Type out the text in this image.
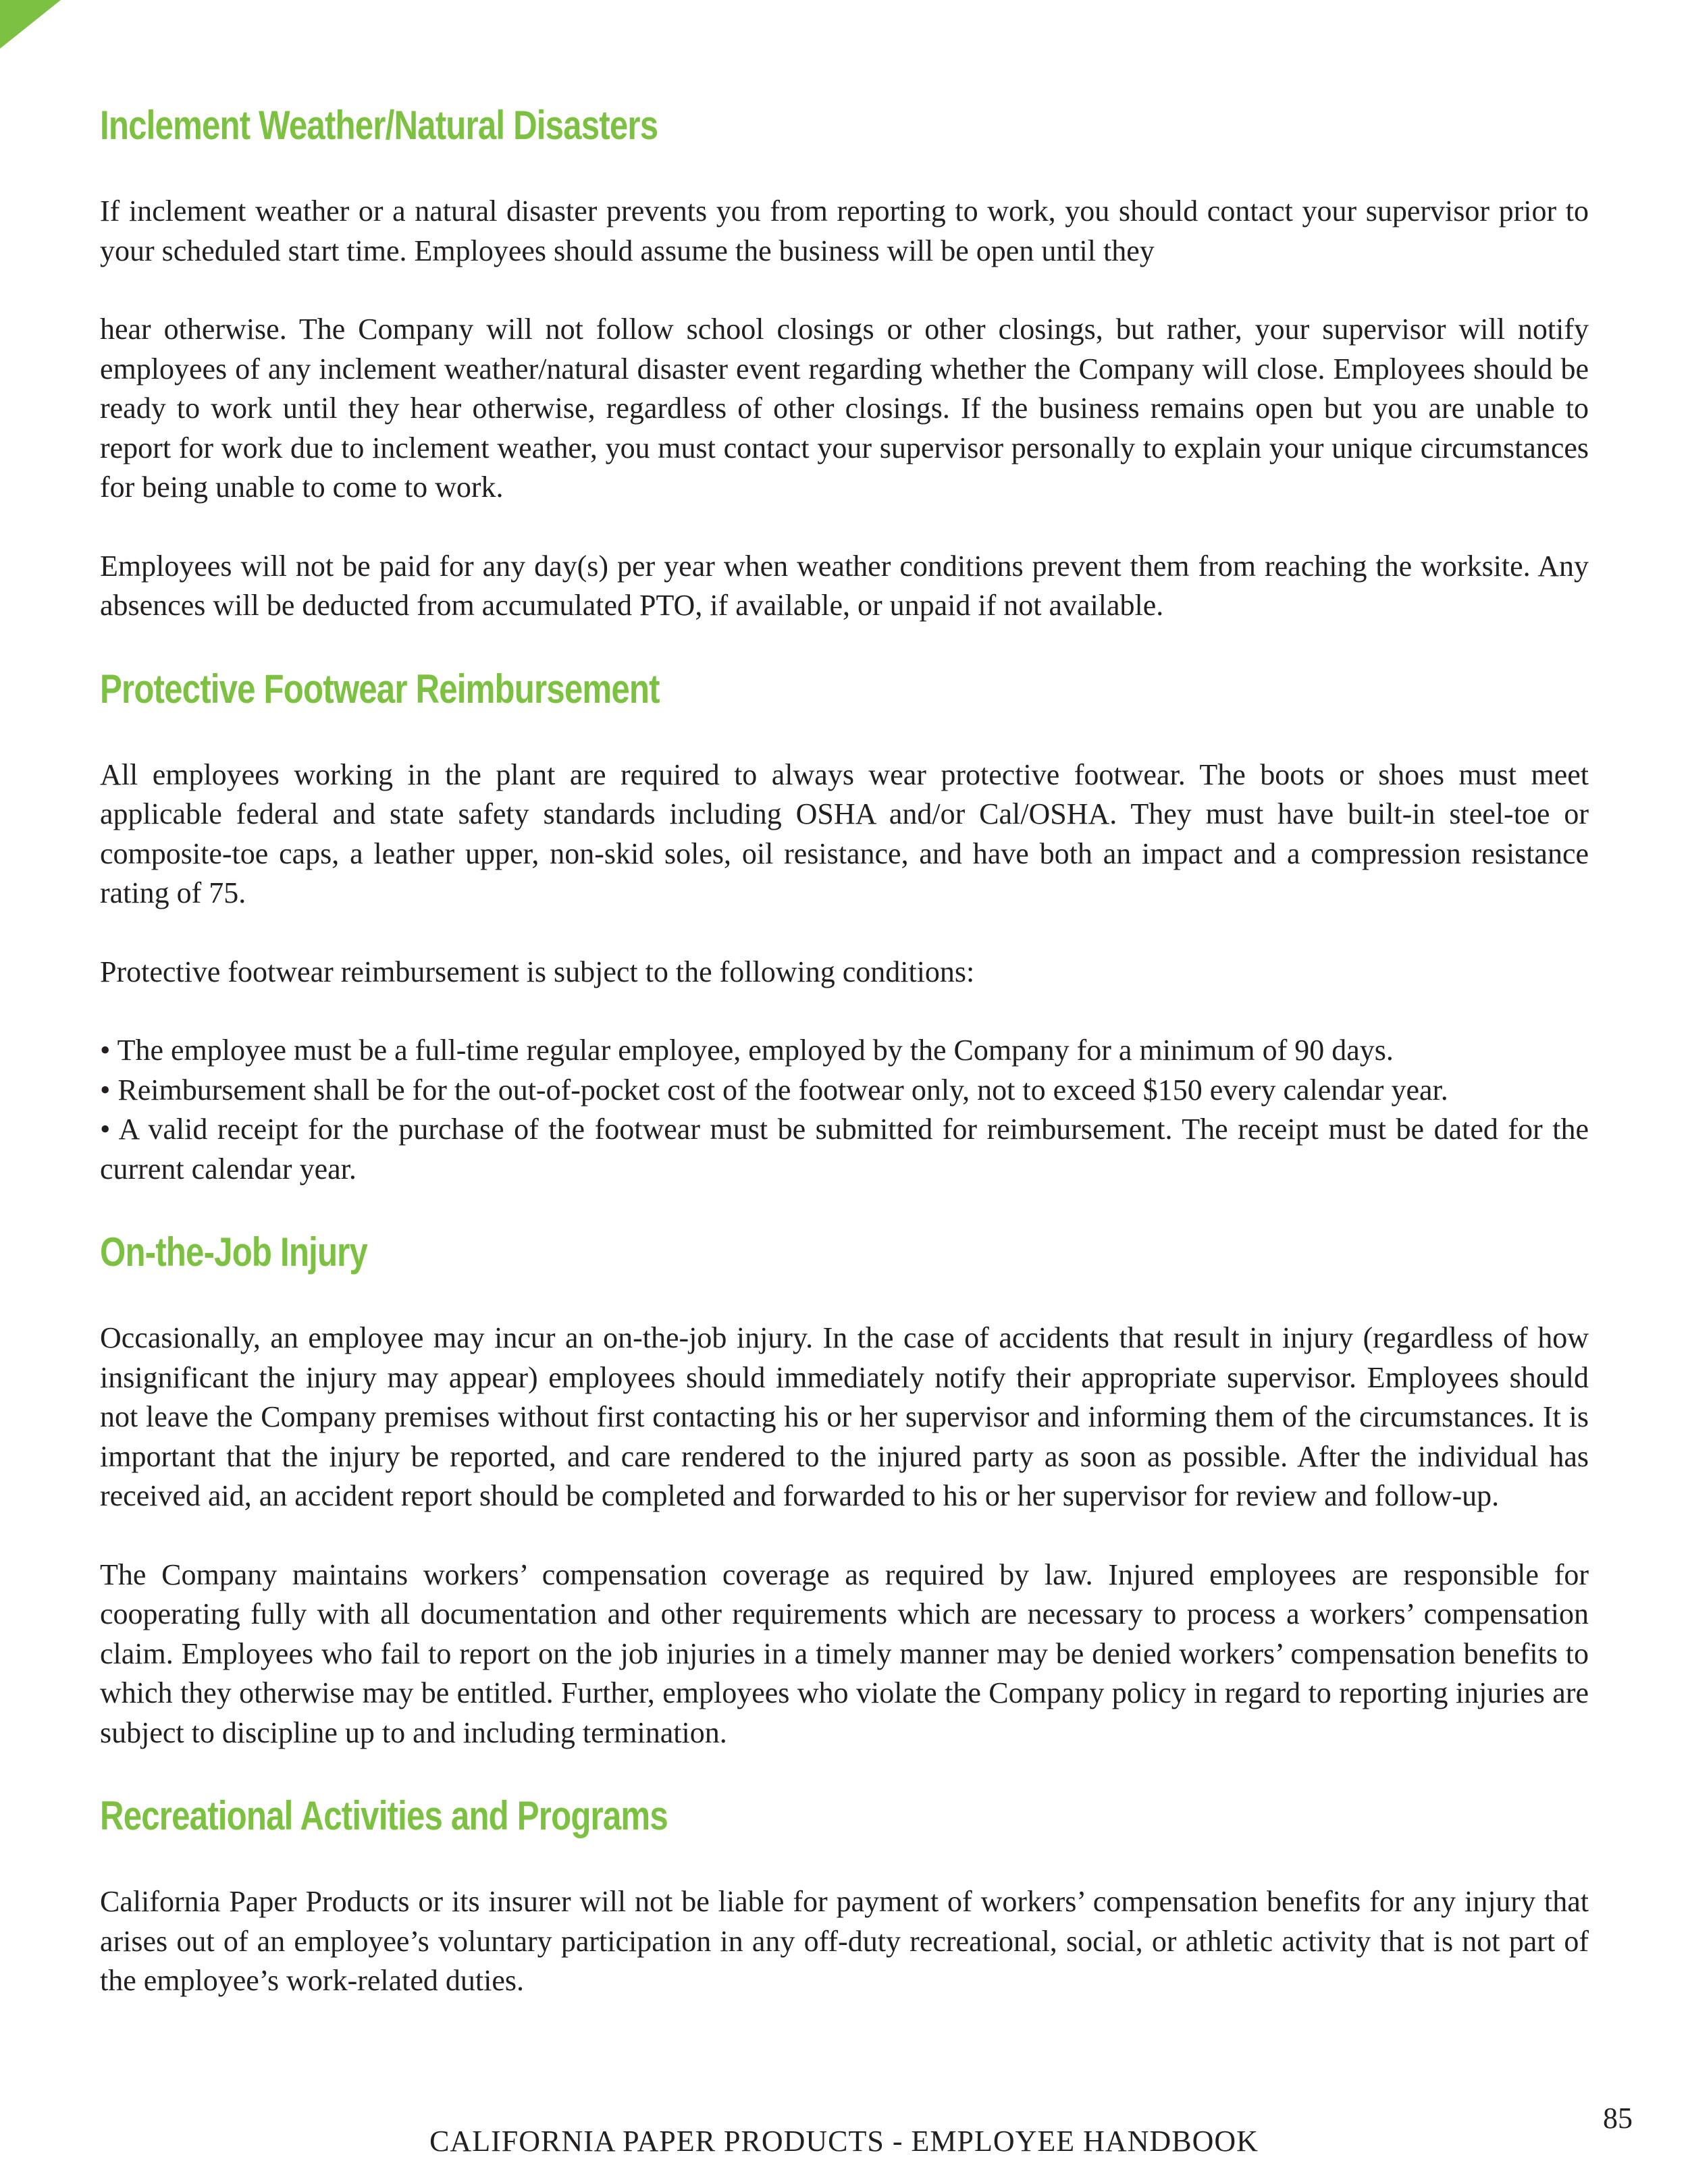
Inclement Weather/Natural Disasters

If inclement weather or a natural disaster prevents you from reporting to work, you should contact your supervisor prior to your scheduled start time. Employees should assume the business will be open until they

hear otherwise. The Company will not follow school closings or other closings, but rather, your supervisor will notify employees of any inclement weather/natural disaster event regarding whether the Company will close. Employees should be ready to work until they hear otherwise, regardless of other closings. If the business remains open but you are unable to report for work due to inclement weather, you must contact your supervisor personally to explain your unique circumstances for being unable to come to work.

Employees will not be paid for any day(s) per year when weather conditions prevent them from reaching the worksite. Any absences will be deducted from accumulated PTO, if available, or unpaid if not available.

Protective Footwear Reimbursement

All employees working in the plant are required to always wear protective footwear. The boots or shoes must meet applicable federal and state safety standards including OSHA and/or Cal/OSHA. They must have built-in steel-toe or composite-toe caps, a leather upper, non-skid soles, oil resistance, and have both an impact and a compression resistance rating of 75.

Protective footwear reimbursement is subject to the following conditions:

• The employee must be a full-time regular employee, employed by the Company for a minimum of 90 days.

• Reimbursement shall be for the out-of-pocket cost of the footwear only, not to exceed $150 every calendar year.

• A valid receipt for the purchase of the footwear must be submitted for reimbursement. The receipt must be dated for the current calendar year.

On-the-Job Injury

Occasionally, an employee may incur an on-the-job injury. In the case of accidents that result in injury (regardless of how insignificant the injury may appear) employees should immediately notify their appropriate supervisor. Employees should not leave the Company premises without first contacting his or her supervisor and informing them of the circumstances. It is important that the injury be reported, and care rendered to the injured party as soon as possible. After the individual has received aid, an accident report should be completed and forwarded to his or her supervisor for review and follow-up.

The Company maintains workers’ compensation coverage as required by law. Injured employees are responsible for cooperating fully with all documentation and other requirements which are necessary to process a workers’ compensation claim. Employees who fail to report on the job injuries in a timely manner may be denied workers’ compensation benefits to which they otherwise may be entitled. Further, employees who violate the Company policy in regard to reporting injuries are subject to discipline up to and including termination.

Recreational Activities and Programs

California Paper Products or its insurer will not be liable for payment of workers’ compensation benefits for any injury that arises out of an employee’s voluntary participation in any off-duty recreational, social, or athletic activity that is not part of the employee’s work-related duties.

85
CALIFORNIA PAPER PRODUCTS - EMPLOYEE HANDBOOK
